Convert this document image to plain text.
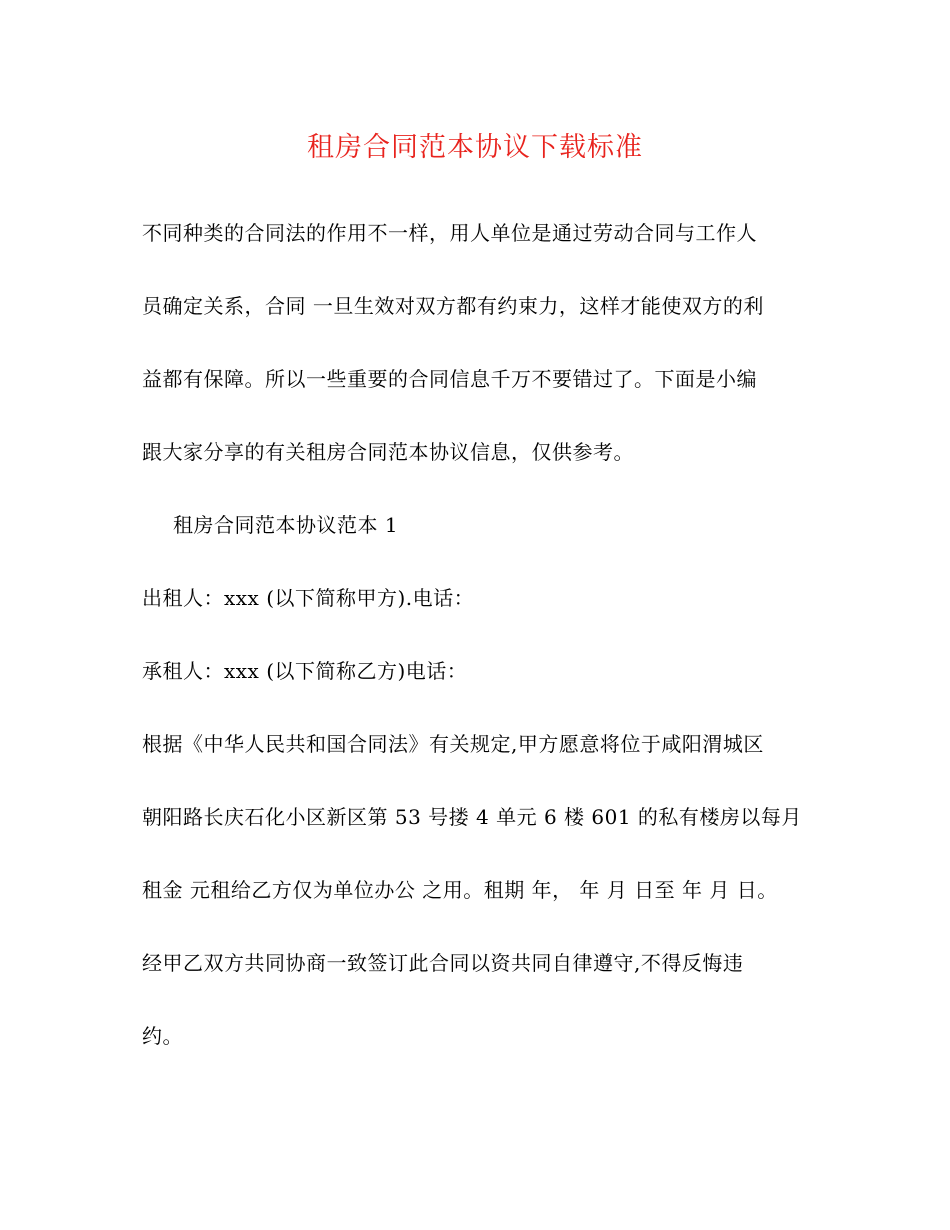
租房合同范本协议下载标准
不同种类的合同法的作用不一样，用人单位是通过劳动合同与工作人
员确定关系，合同 一旦生效对双方都有约束力，这样才能使双方的利
益都有保障。所以一些重要的合同信息千万不要错过了。下面是小编
跟大家分享的有关租房合同范本协议信息，仅供参考。
租房合同范本协议范本 1
出租人：xxx (以下简称甲方).电话：
承租人：xxx (以下简称乙方)电话：
根据《中华人民共和国合同法》有关规定,甲方愿意将位于咸阳渭城区
朝阳路长庆石化小区新区第 53 号搂 4 单元 6 楼 601 的私有楼房以每月
租金 元租给乙方仅为单位办公 之用。租期 年， 年 月 日至 年 月 日。
经甲乙双方共同协商一致签订此合同以资共同自律遵守,不得反悔违
约。
